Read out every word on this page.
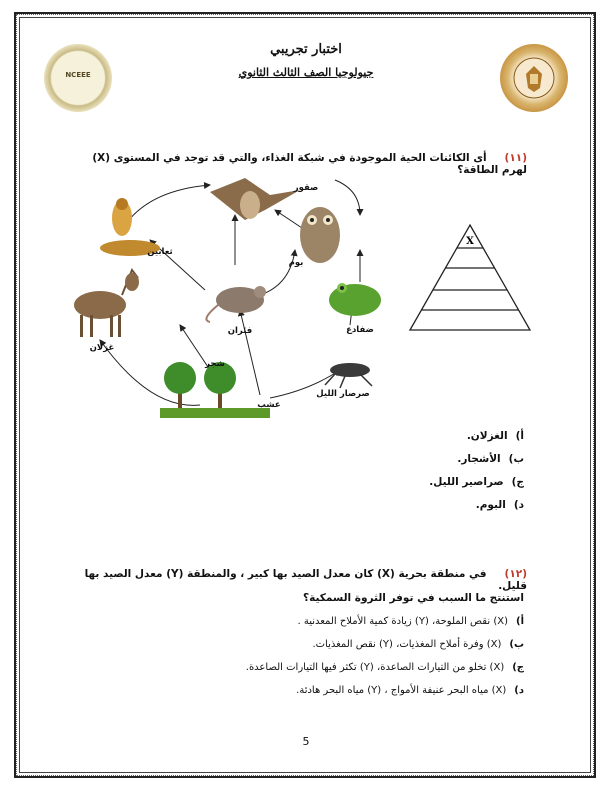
NCEEE
اختبار تجريبي
جيولوجيا الصف الثالث الثانوي
(١١)أى الكائنات الحية الموجودة في شبكة الغذاء، والتي قد توجد في المستوى (X) لهرم الطاقة؟
صقور
ثعابين
بوم
فئران
غزلان
ضفادع
شجر
صرصار الليل
عشب
X
أ)الغزلان.
ب)الأشجار.
ج)صراصير الليل.
د)البوم.
(١٢)في منطقة بحرية (X) كان معدل الصيد بها كبير ، والمنطقة (Y) معدل الصيد بها قليل.
استنتج ما السبب في توفر الثروة السمكية؟
أ)(X) نقص الملوحة، (Y) زيادة كمية الأملاح المعدنية .
ب)(X) وفرة أملاح المغذيات، (Y) نقص المغذيات.
ج)(X) تخلو من التيارات الصاعدة، (Y) تكثر فيها التيارات الصاعدة.
د)(X) مياه البحر عنيفة الأمواج ، (Y) مياه البحر هادئة.
5
